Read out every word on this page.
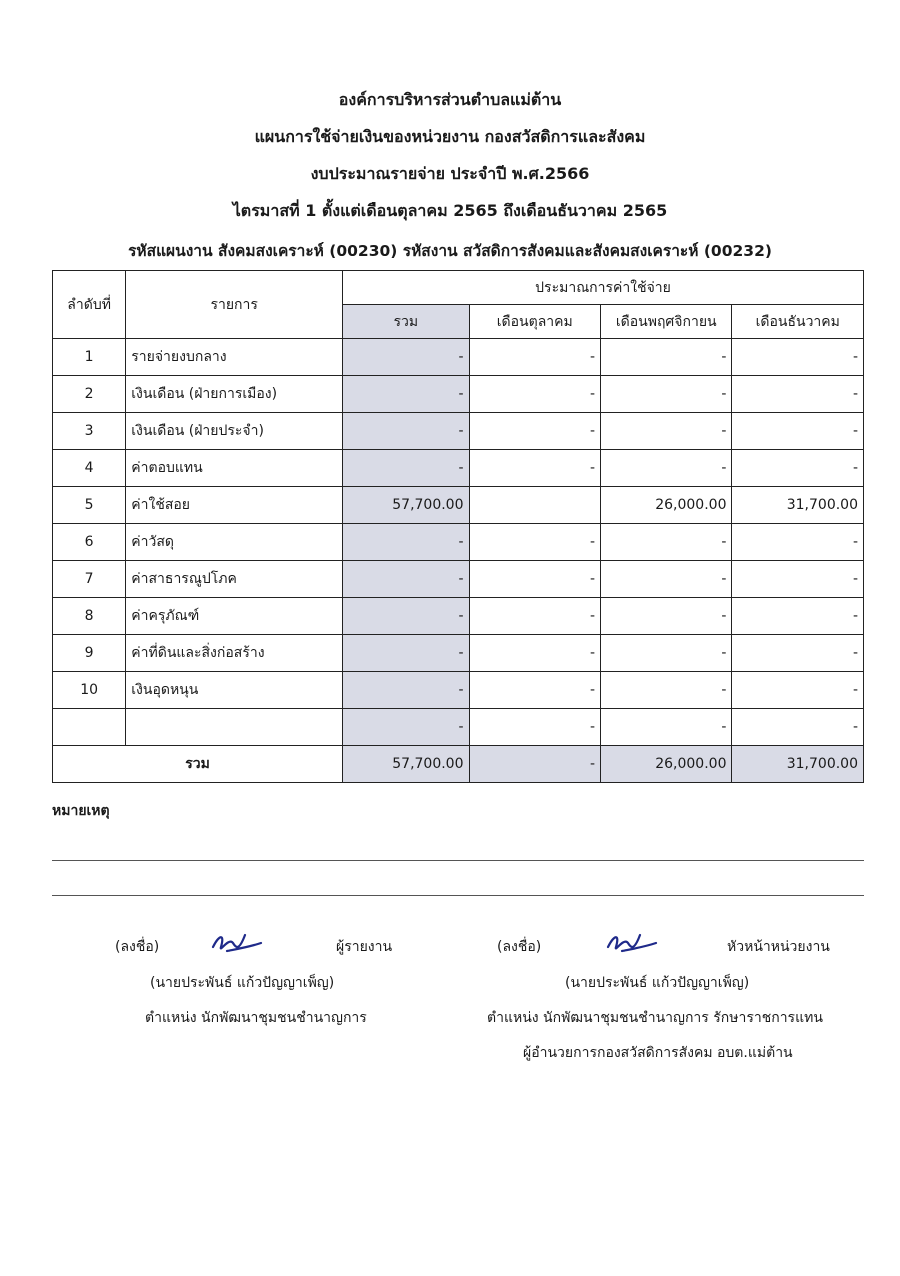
องค์การบริหารส่วนตำบลแม่ต้าน
แผนการใช้จ่ายเงินของหน่วยงาน กองสวัสดิการและสังคม
งบประมาณรายจ่าย ประจำปี พ.ศ.2566
ไตรมาสที่ 1 ตั้งแต่เดือนตุลาคม 2565 ถึงเดือนธันวาคม 2565
รหัสแผนงาน สังคมสงเคราะห์ (00230) รหัสงาน สวัสดิการสังคมและสังคมสงเคราะห์ (00232)
ลำดับที่	รายการ	ประมาณการค่าใช้จ่าย			
		รวม	เดือนตุลาคม	เดือนพฤศจิกายน	เดือนธันวาคม
1	รายจ่ายงบกลาง	-	-	-	-
2	เงินเดือน (ฝ่ายการเมือง)	-	-	-	-
3	เงินเดือน (ฝ่ายประจำ)	-	-	-	-
4	ค่าตอบแทน	-	-	-	-
5	ค่าใช้สอย	57,700.00		26,000.00	31,700.00
6	ค่าวัสดุ	-	-	-	-
7	ค่าสาธารณูปโภค	-	-	-	-
8	ค่าครุภัณฑ์	-	-	-	-
9	ค่าที่ดินและสิ่งก่อสร้าง	-	-	-	-
10	เงินอุดหนุน	-	-	-	-
		-	-	-	-
รวม		57,700.00	-	26,000.00	31,700.00
หมายเหตุ
(ลงชื่อ)	ผู้รายงาน
(นายประพันธ์ แก้วปัญญาเพ็ญ)
ตำแหน่ง นักพัฒนาชุมชนชำนาญการ
(ลงชื่อ)	หัวหน้าหน่วยงาน
(นายประพันธ์ แก้วปัญญาเพ็ญ)
ตำแหน่ง นักพัฒนาชุมชนชำนาญการ รักษาราชการแทน
ผู้อำนวยการกองสวัสดิการสังคม อบต.แม่ต้าน
